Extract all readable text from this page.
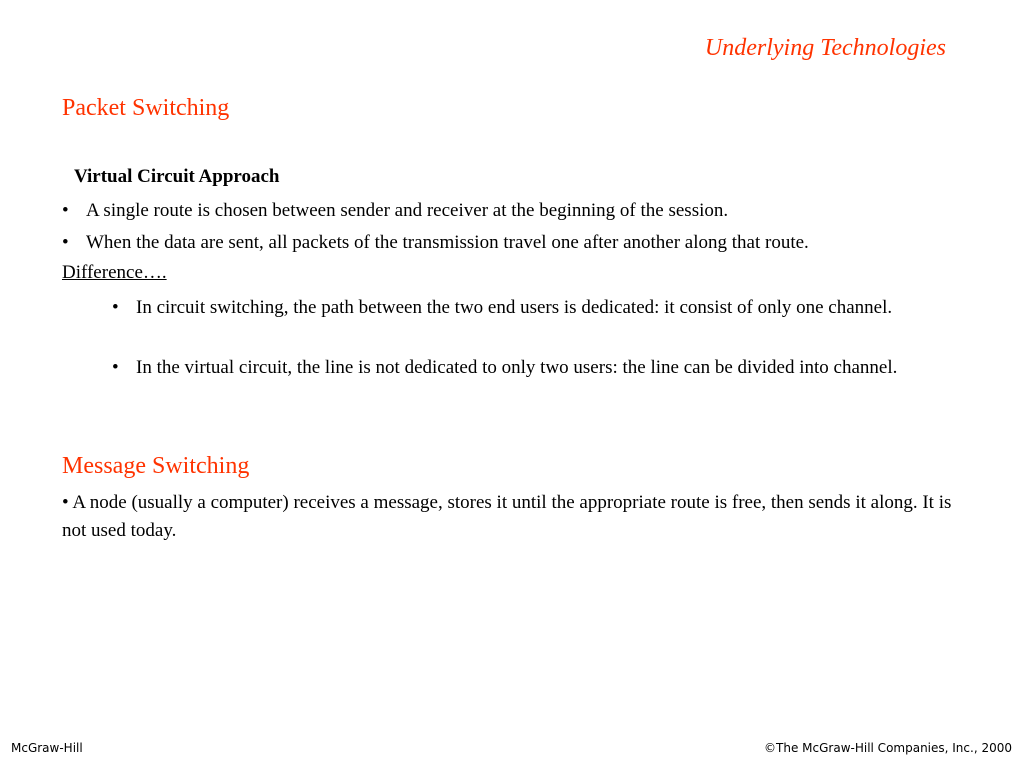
Underlying Technologies
Packet Switching
Virtual Circuit Approach
• A single route is chosen between sender and receiver at the beginning of the session.
• When the data are sent, all packets of the transmission travel one after another along that route.
Difference….
• In circuit switching, the path between the two end users is dedicated: it consist of only one channel.
• In the virtual circuit, the line is not dedicated to only two users: the line can be divided into channel.
Message Switching
• A node (usually a computer) receives a message, stores it until the appropriate route is free, then sends it along. It is not used today.
McGraw-Hill	©The McGraw-Hill Companies, Inc., 2000
